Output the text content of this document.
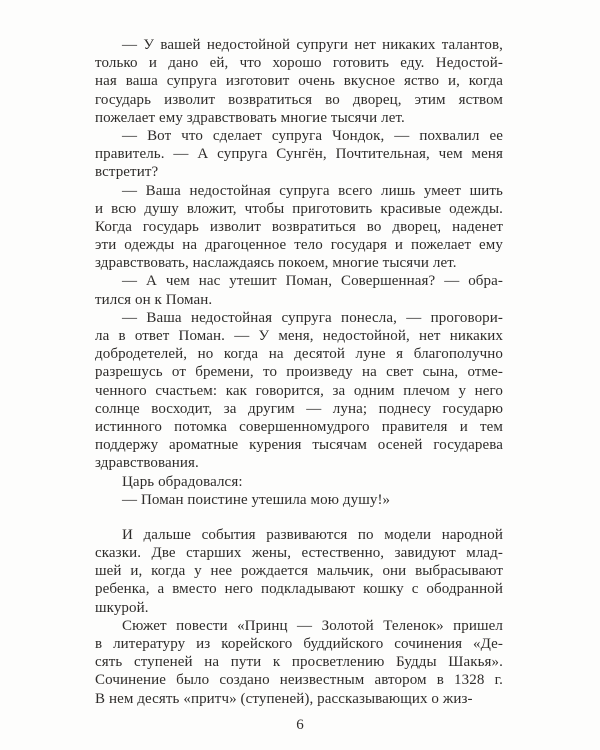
— У вашей недостойной супруги нет никаких талантов,
только и дано ей, что хорошо готовить еду. Недостой-
ная ваша супруга изготовит очень вкусное яство и, когда
государь изволит возвратиться во дворец, этим яством
пожелает ему здравствовать многие тысячи лет.
— Вот что сделает супруга Чондок, — похвалил ее
правитель. — А супруга Сунгён, Почтительная, чем меня
встретит?
— Ваша недостойная супруга всего лишь умеет шить
и всю душу вложит, чтобы приготовить красивые одежды.
Когда государь изволит возвратиться во дворец, наденет
эти одежды на драгоценное тело государя и пожелает ему
здравствовать, наслаждаясь покоем, многие тысячи лет.
— А чем нас утешит Поман, Совершенная? — обра-
тился он к Поман.
— Ваша недостойная супруга понесла, — проговори-
ла в ответ Поман. — У меня, недостойной, нет никаких
добродетелей, но когда на десятой луне я благополучно
разрешусь от бремени, то произведу на свет сына, отме-
ченного счастьем: как говорится, за одним плечом у него
солнце восходит, за другим — луна; поднесу государю
истинного потомка совершенномудрого правителя и тем
поддержу ароматные курения тысячам осеней государева
здравствования.
Царь обрадовался:
— Поман поистине утешила мою душу!»
И дальше события развиваются по модели народной
сказки. Две старших жены, естественно, завидуют млад-
шей и, когда у нее рождается мальчик, они выбрасывают
ребенка, а вместо него подкладывают кошку с ободранной
шкурой.
Сюжет повести «Принц — Золотой Теленок» пришел
в литературу из корейского буддийского сочинения «Де-
сять ступеней на пути к просветлению Будды Шакья».
Сочинение было создано неизвестным автором в 1328 г.
В нем десять «притч» (ступеней), рассказывающих о жиз-
6
